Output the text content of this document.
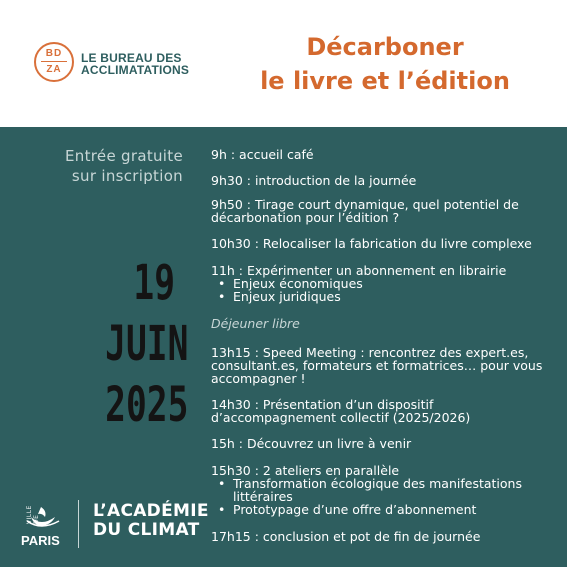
BD
ZA
LE BUREAU DES
ACCLIMATATIONS
Décarboner
le livre et l’édition
Entrée gratuite
sur inscription
19
JUIN
2025
9h : accueil café
9h30 : introduction de la journée
9h50 : Tirage court dynamique, quel potentiel de
décarbonation pour l’édition ?
10h30 : Relocaliser la fabrication du livre complexe
11h : Expérimenter un abonnement en librairie
• Enjeux économiques
• Enjeux juridiques
Déjeuner libre
13h15 : Speed Meeting : rencontrez des expert.es,
consultant.es, formateurs et formatrices… pour vous
accompagner !
14h30 : Présentation d’un dispositif
d’accompagnement collectif (2025/2026)
15h : Découvrez un livre à venir
15h30 : 2 ateliers en parallèle
• Transformation écologique des manifestations
littéraires
• Prototypage d’une offre d’abonnement
17h15 : conclusion et pot de fin de journée
PARIS
VILLE DE	L’ACADÉMIE
DU CLIMAT
